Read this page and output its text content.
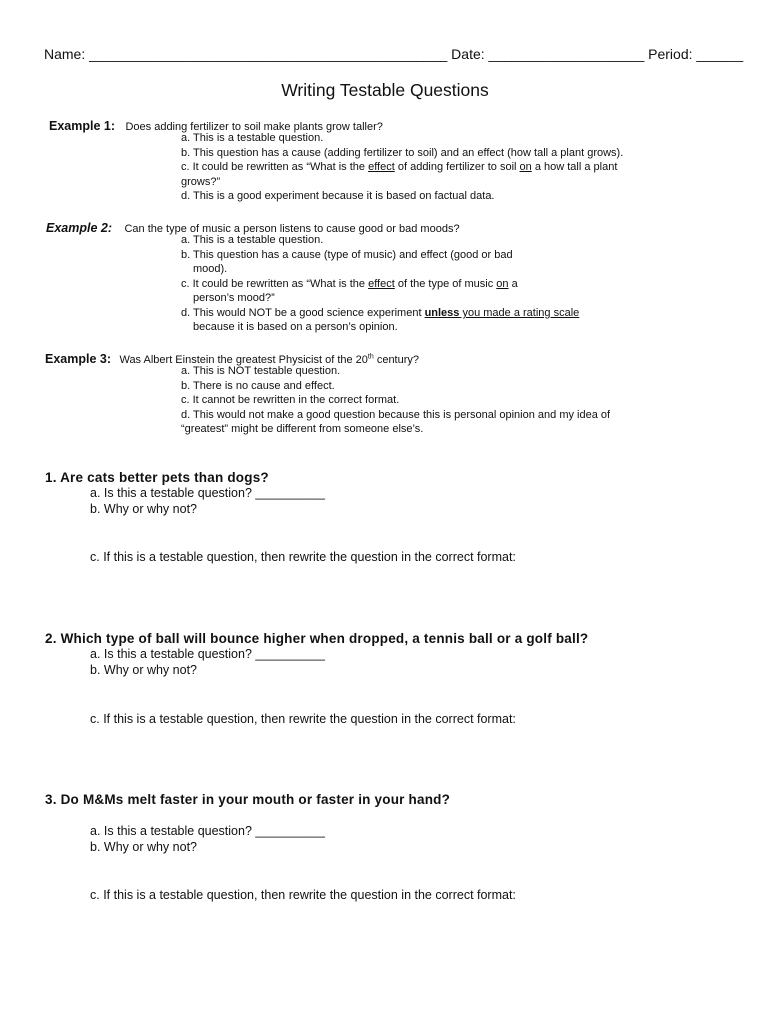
Name: ______________________________________________ Date: ____________________ Period: ______
Writing Testable Questions
Example 1: Does adding fertilizer to soil make plants grow taller?
a. This is a testable question.
b. This question has a cause (adding fertilizer to soil) and an effect (how tall a plant grows).
c. It could be rewritten as “What is the effect of adding fertilizer to soil on a how tall a plant
grows?”
d. This is a good experiment because it is based on factual data.
Example 2: Can the type of music a person listens to cause good or bad moods?
a. This is a testable question.
b. This question has a cause (type of music) and effect (good or bad
mood).
c. It could be rewritten as “What is the effect of the type of music on a
person’s mood?”
d. This would NOT be a good science experiment unless you made a rating scale
because it is based on a person’s opinion.
Example 3: Was Albert Einstein the greatest Physicist of the 20th century?
a. This is NOT testable question.
b. There is no cause and effect.
c. It cannot be rewritten in the correct format.
d. This would not make a good question because this is personal opinion and my idea of
“greatest” might be different from someone else’s.
1. Are cats better pets than dogs?
a. Is this a testable question? __________
b. Why or why not?
c. If this is a testable question, then rewrite the question in the correct format:
2. Which type of ball will bounce higher when dropped, a tennis ball or a golf ball?
a. Is this a testable question? __________
b. Why or why not?
c. If this is a testable question, then rewrite the question in the correct format:
3. Do M&Ms melt faster in your mouth or faster in your hand?
a. Is this a testable question? __________
b. Why or why not?
c. If this is a testable question, then rewrite the question in the correct format:
